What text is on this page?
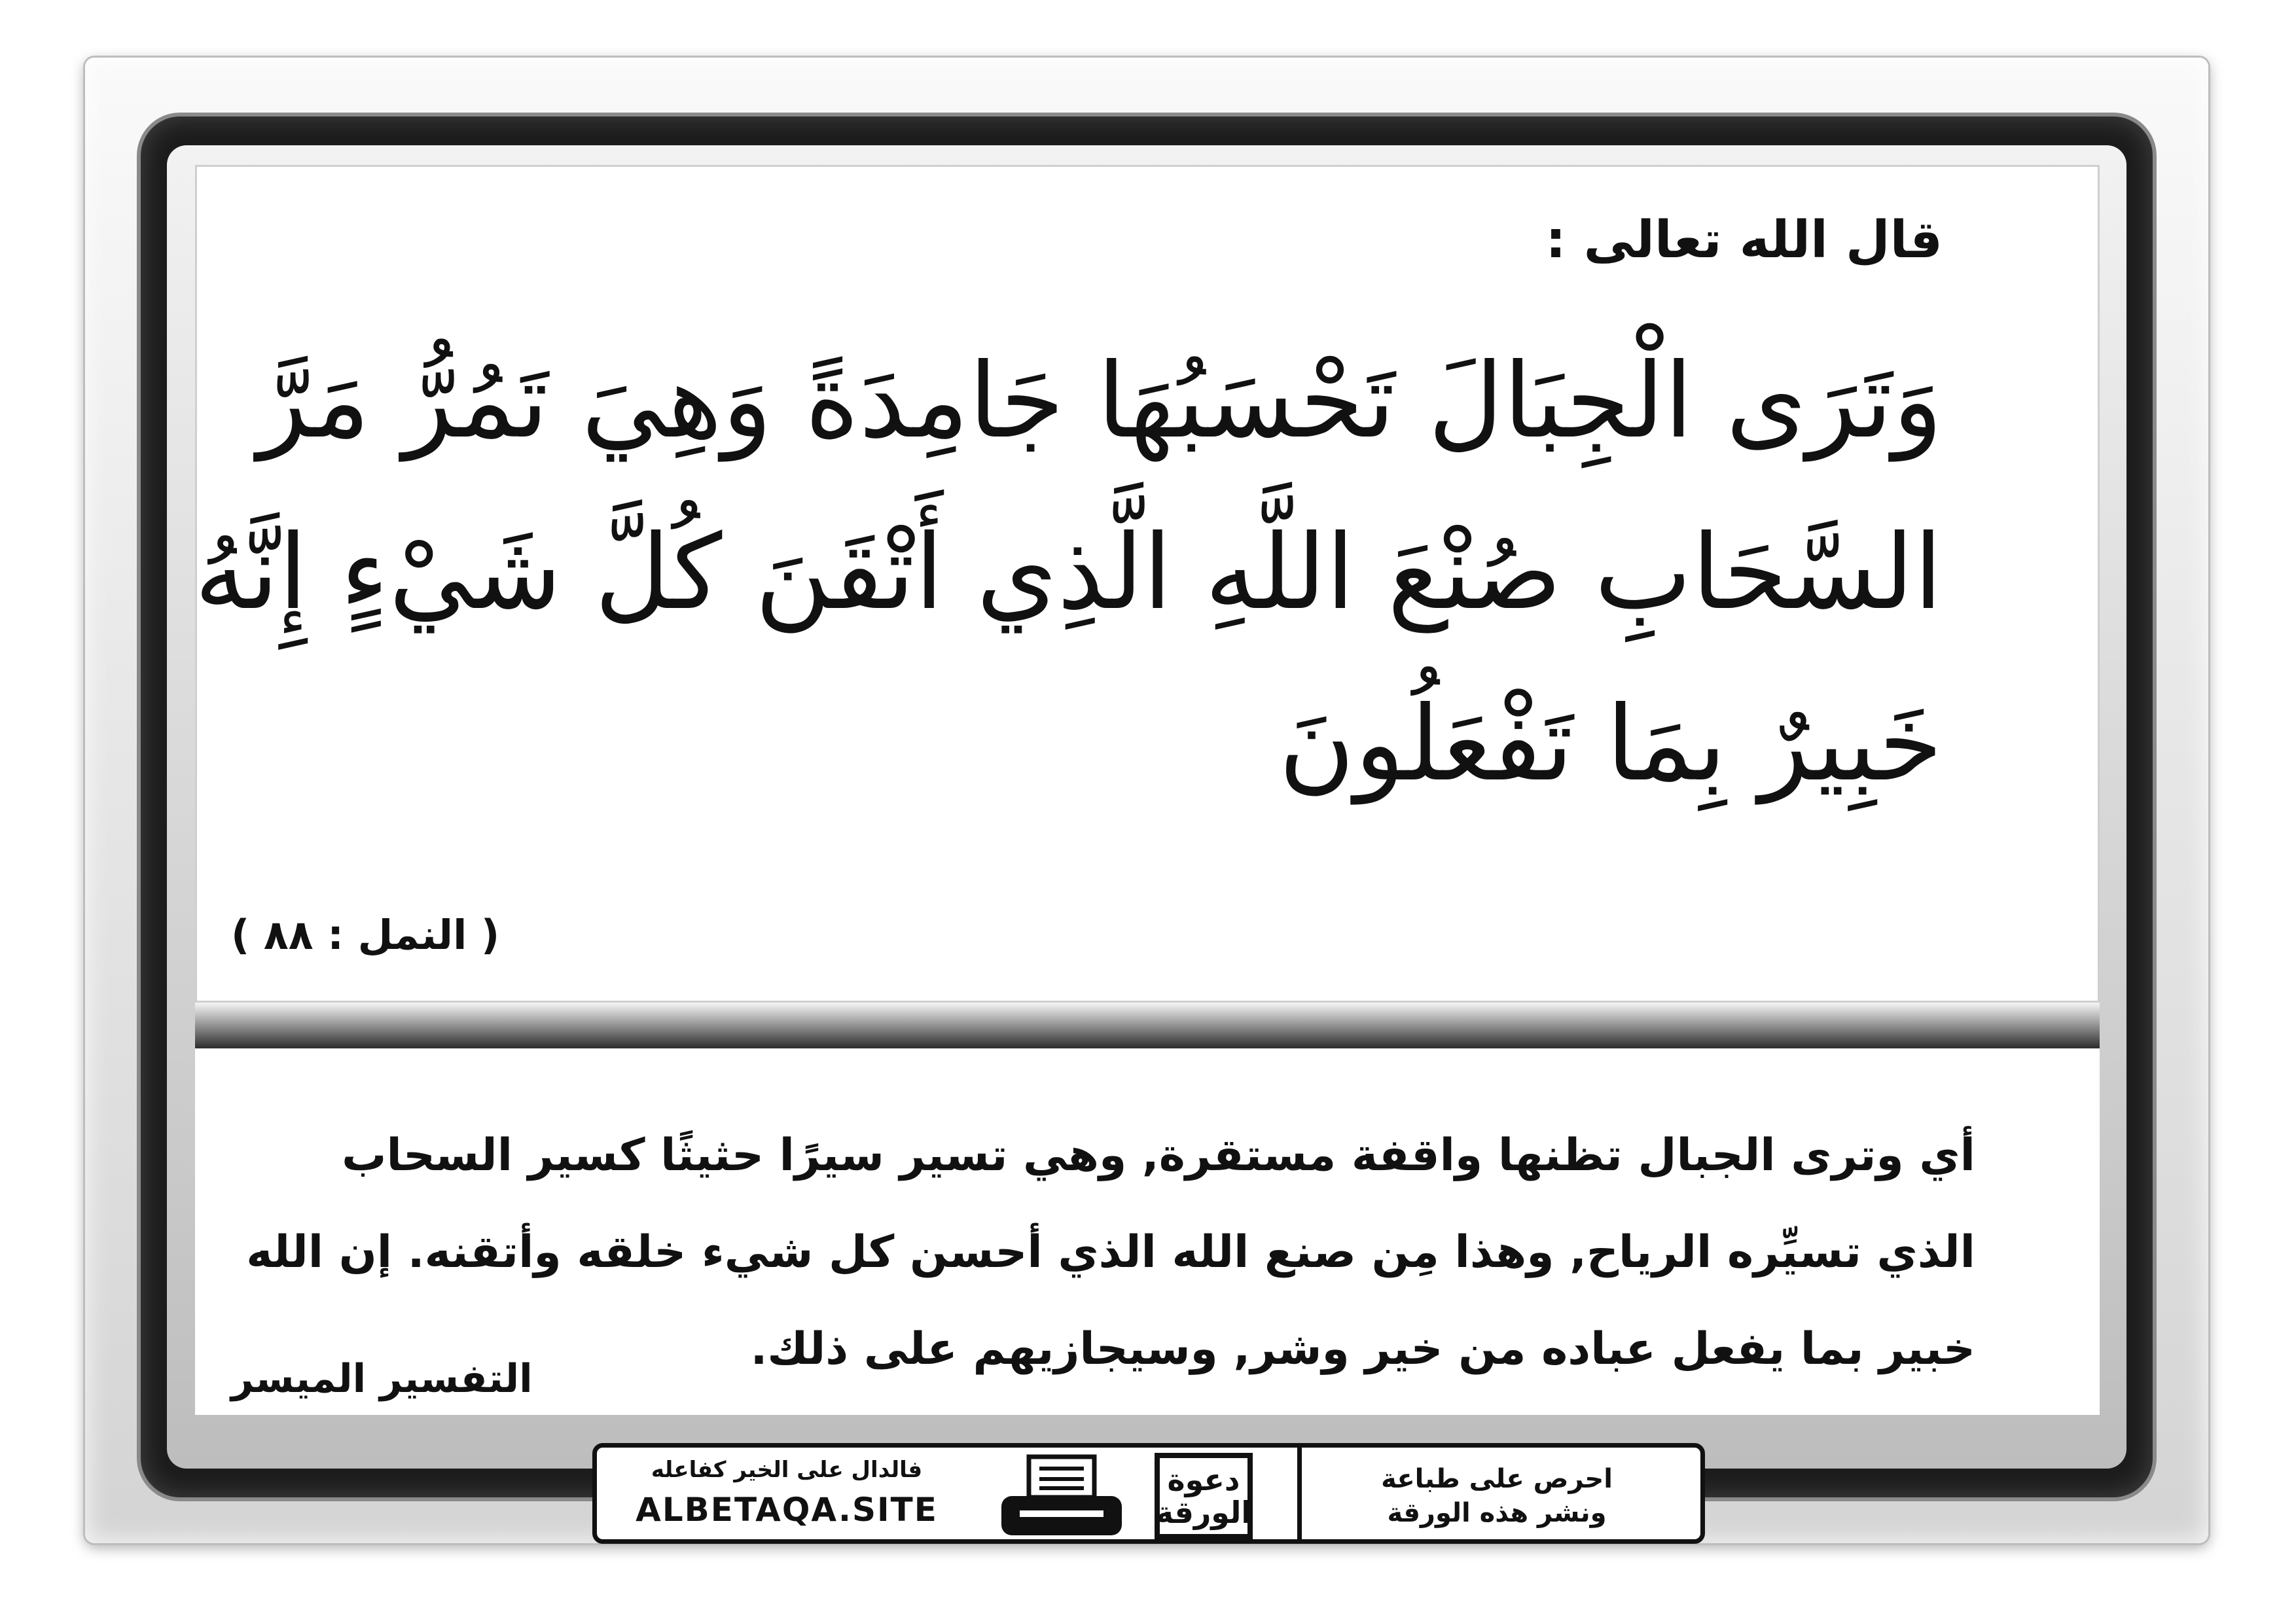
قال الله تعالى :
وَتَرَى الْجِبَالَ تَحْسَبُهَا جَامِدَةً وَهِيَ تَمُرُّ مَرَّ
السَّحَابِ صُنْعَ اللَّهِ الَّذِي أَتْقَنَ كُلَّ شَيْءٍ إِنَّهُ
خَبِيرٌ بِمَا تَفْعَلُونَ
( النمل : ٨٨ )
أي وترى الجبال تظنها واقفة مستقرة, وهي تسير سيرًا حثيثًا كسير السحاب
الذي تسيِّره الرياح, وهذا مِن صنع الله الذي أحسن كل شيء خلقه وأتقنه. إن الله
خبير بما يفعل عباده من خير وشر, وسيجازيهم على ذلك.
التفسير الميسر
فالدال على الخير كفاعله
ALBETAQA.SITE
دعوة
الورقة
احرص على طباعة
ونشر هذه الورقة
